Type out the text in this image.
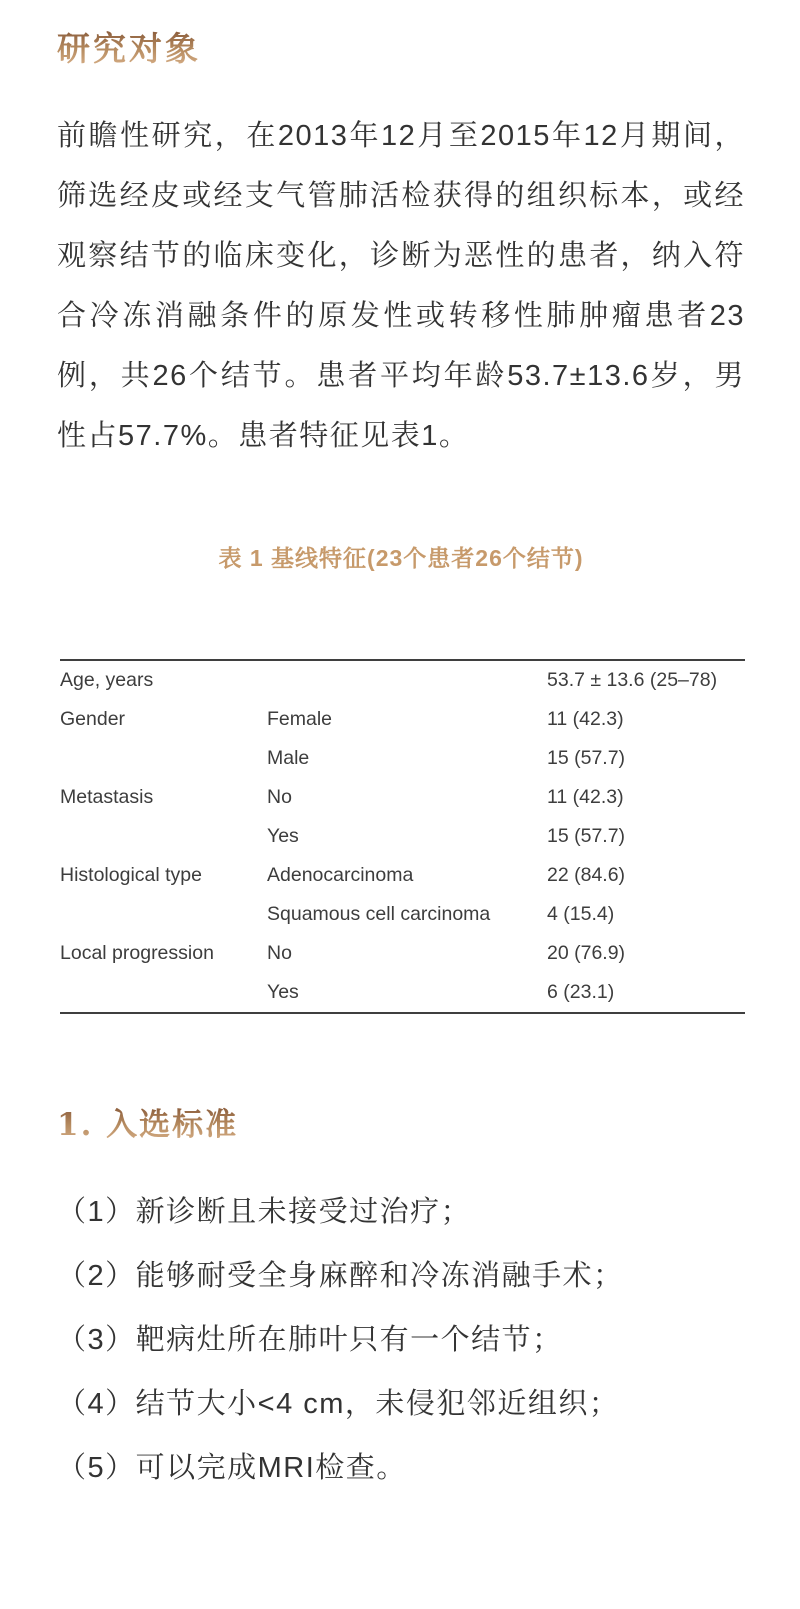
研究对象

前瞻性研究，在2013年12月至2015年12月期间，筛选经皮或经支气管肺活检获得的组织标本，或经观察结节的临床变化，诊断为恶性的患者，纳入符合冷冻消融条件的原发性或转移性肺肿瘤患者23例，共26个结节。患者平均年龄53.7±13.6岁，男性占57.7%。患者特征见表1。

表 1 基线特征(23个患者26个结节)
Age, years		53.7 ± 13.6 (25–78)
Gender	Female	11 (42.3)
	Male	15 (57.7)
Metastasis	No	11 (42.3)
	Yes	15 (57.7)
Histological type	Adenocarcinoma	22 (84.6)
	Squamous cell carcinoma	4 (15.4)
Local progression	No	20 (76.9)
	Yes	6 (23.1)
1. 入选标准
（1）新诊断且未接受过治疗；
（2）能够耐受全身麻醉和冷冻消融手术；
（3）靶病灶所在肺叶只有一个结节；
（4）结节大小<4 cm，未侵犯邻近组织；
（5）可以完成MRI检查。
